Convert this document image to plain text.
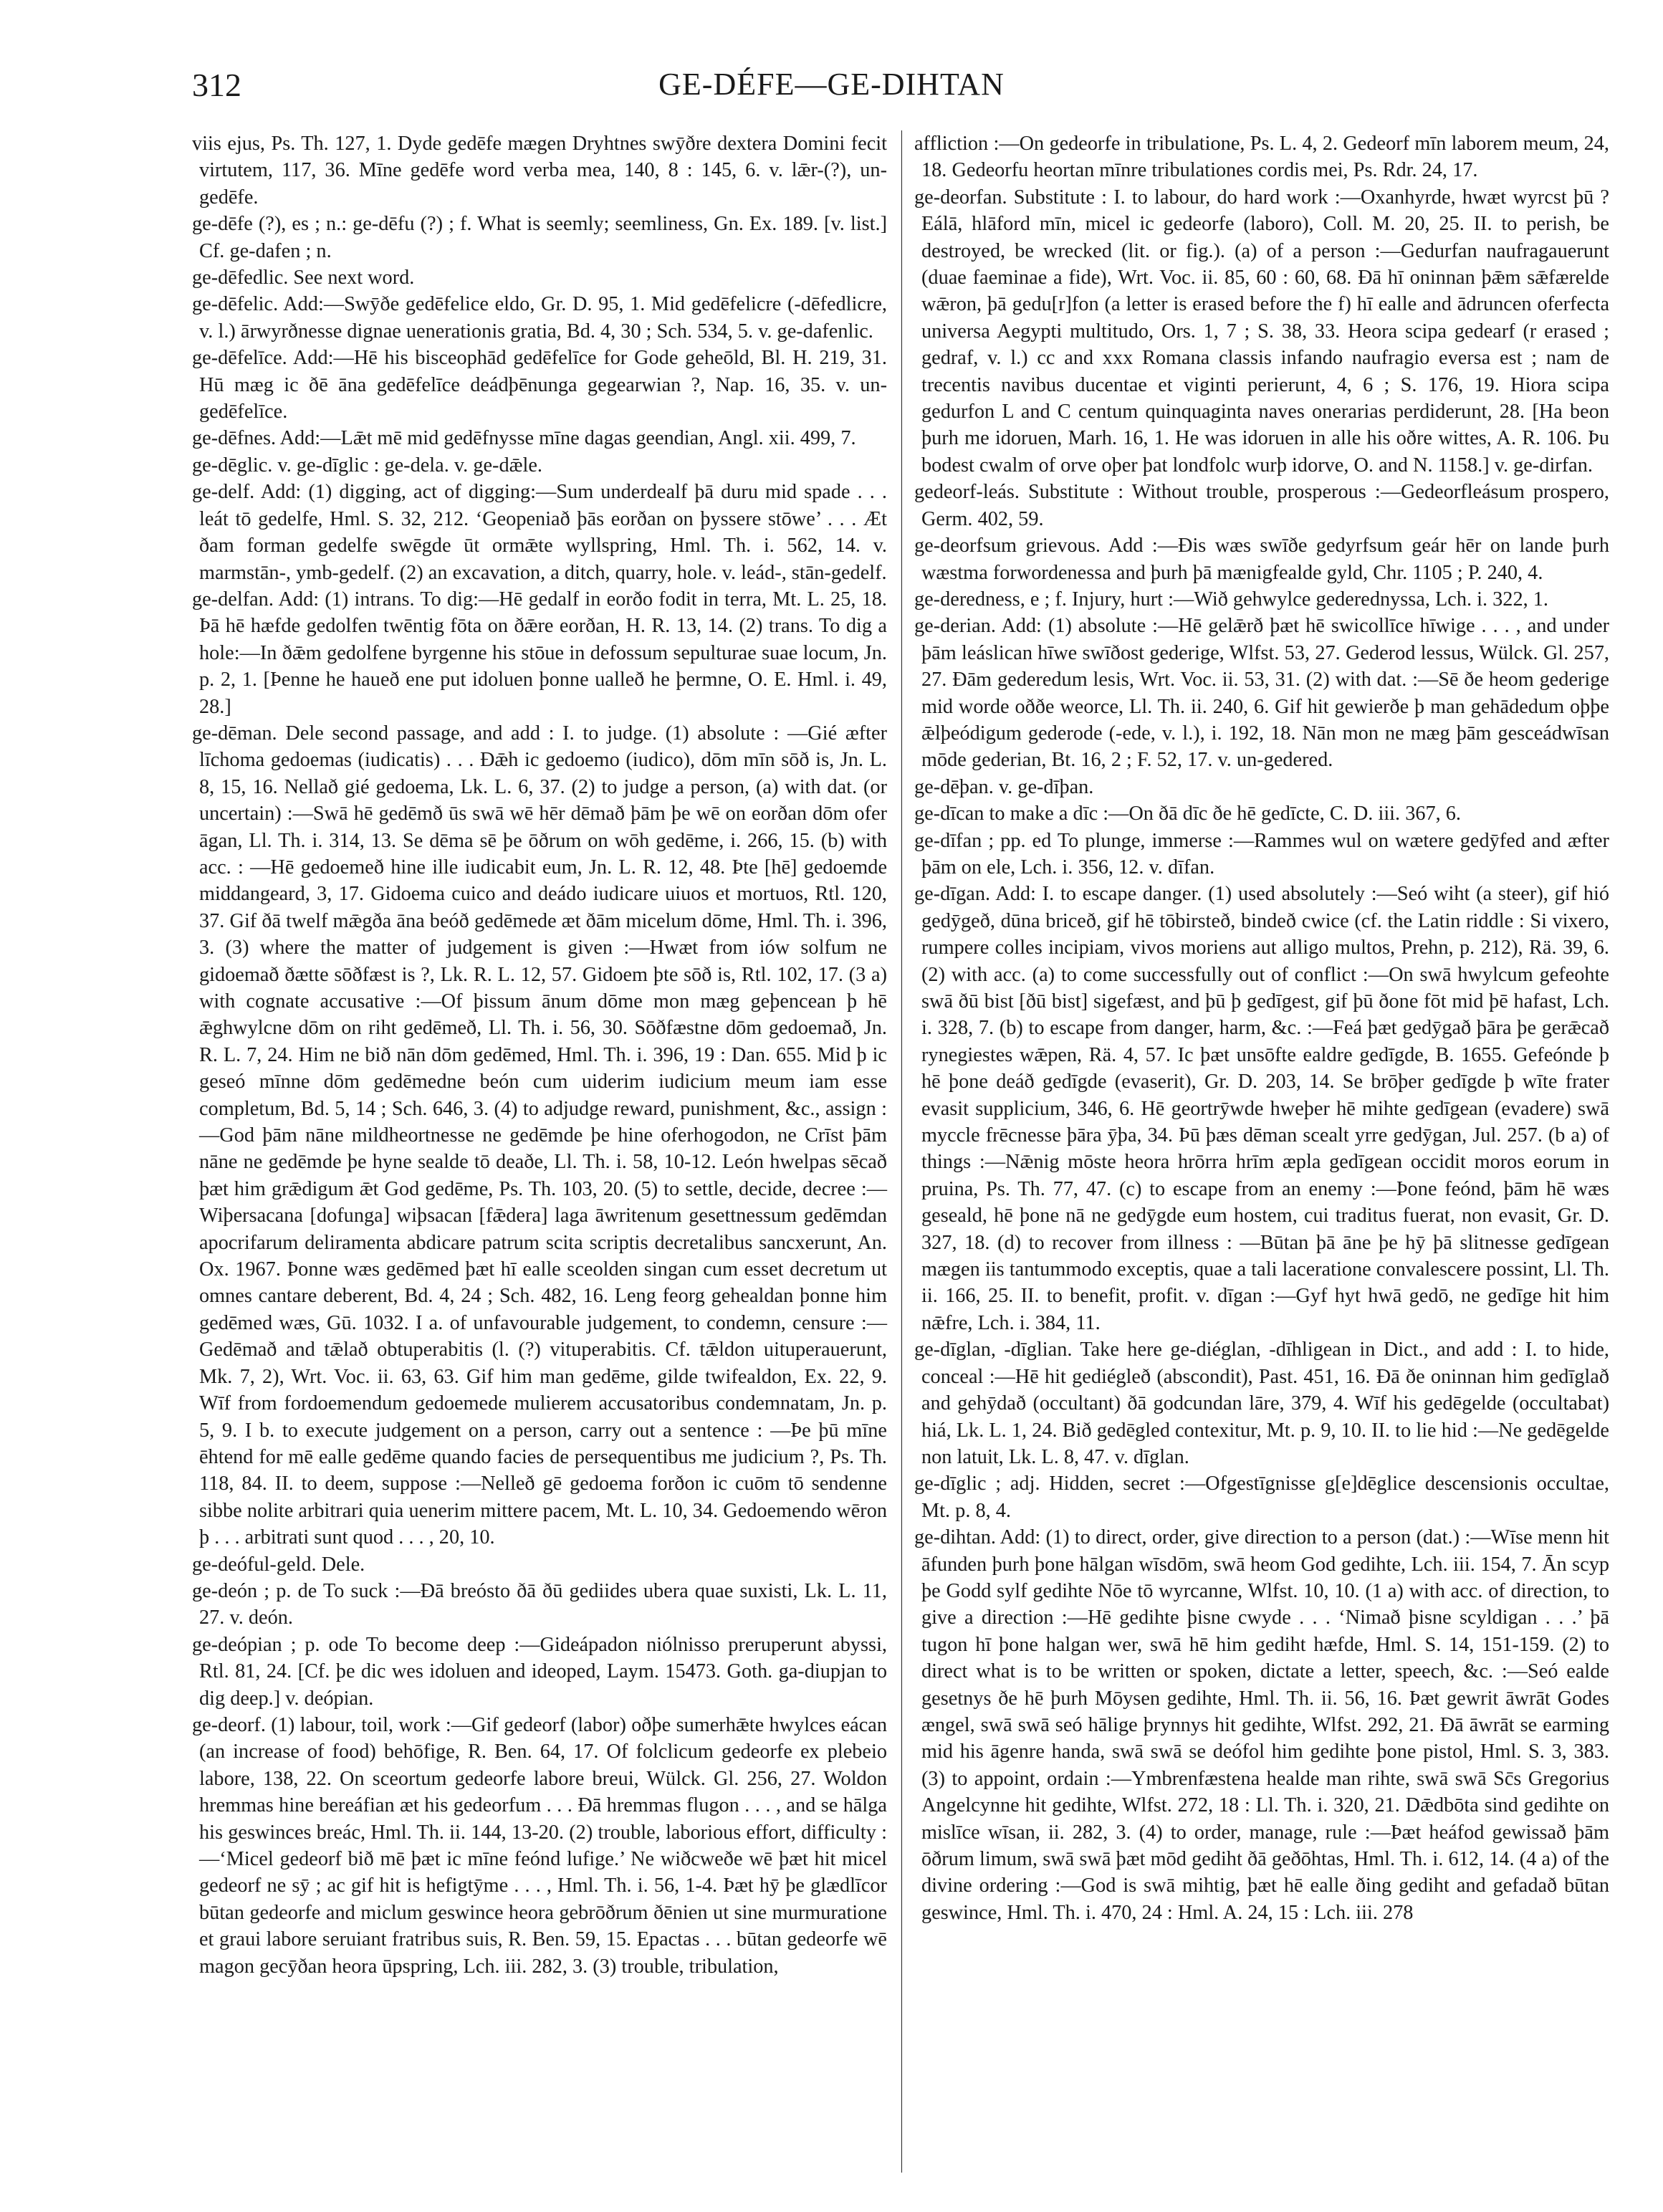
312	GE-DÉFE—GE-DIHTAN

viis ejus, Ps. Th. 127, 1. Dyde gedēfe mægen Dryhtnes swȳðre dextera Domini fecit virtutem, 117, 36. Mīne gedēfe word verba mea, 140, 8 : 145, 6. v. lǣr-(?), un-gedēfe.

ge-dēfe (?), es ; n.: ge-dēfu (?) ; f. What is seemly; seemliness, Gn. Ex. 189. [v. list.] Cf. ge-dafen ; n.

ge-dēfedlic. See next word.

ge-dēfelic. Add:—Swȳðe gedēfelice eldo, Gr. D. 95, 1. Mid gedēfelicre (-dēfedlicre, v. l.) ārwyrðnesse dignae uenerationis gratia, Bd. 4, 30 ; Sch. 534, 5. v. ge-dafenlic.

ge-dēfelīce. Add:—Hē his bisceophād gedēfelīce for Gode geheōld, Bl. H. 219, 31. Hū mæg ic ðē āna gedēfelīce deádþēnunga gegearwian ?, Nap. 16, 35. v. un-gedēfelīce.

ge-dēfnes. Add:—Lǣt mē mid gedēfnysse mīne dagas geendian, Angl. xii. 499, 7.

ge-dēglic. v. ge-dīglic : ge-dela. v. ge-dǣle.

ge-delf. Add: (1) digging, act of digging:—Sum underdealf þā duru mid spade . . . leát tō gedelfe, Hml. S. 32, 212. ‘Geopeniað þās eorðan on þyssere stōwe’ . . . Æt ðam forman gedelfe swēgde ūt ormǣte wyllspring, Hml. Th. i. 562, 14. v. marmstān-, ymb-gedelf. (2) an excavation, a ditch, quarry, hole. v. leád-, stān-gedelf.

ge-delfan. Add: (1) intrans. To dig:—Hē gedalf in eorðo fodit in terra, Mt. L. 25, 18. Þā hē hæfde gedolfen twēntig fōta on ðǣre eorðan, H. R. 13, 14. (2) trans. To dig a hole:—In ðǣm gedolfene byrgenne his stōue in defossum sepulturae suae locum, Jn. p. 2, 1. [Þenne he haueð ene put idoluen þonne ualleð he þermne, O. E. Hml. i. 49, 28.]

ge-dēman. Dele second passage, and add : I. to judge. (1) absolute : —Gié æfter līchoma gedoemas (iudicatis) . . . Ðǣh ic gedoemo (iudico), dōm mīn sōð is, Jn. L. 8, 15, 16. Nellað gié gedoema, Lk. L. 6, 37. (2) to judge a person, (a) with dat. (or uncertain) :—Swā hē gedēmð ūs swā wē hēr dēmað þām þe wē on eorðan dōm ofer āgan, Ll. Th. i. 314, 13. Se dēma sē þe ōðrum on wōh gedēme, i. 266, 15. (b) with acc. : —Hē gedoemeð hine ille iudicabit eum, Jn. L. R. 12, 48. Þte [hē] gedoemde middangeard, 3, 17. Gidoema cuico and deádo iudicare uiuos et mortuos, Rtl. 120, 37. Gif ðā twelf mǣgða āna beóð gedēmede æt ðām micelum dōme, Hml. Th. i. 396, 3. (3) where the matter of judgement is given :—Hwæt from iów solfum ne gidoemað ðætte sōðfæst is ?, Lk. R. L. 12, 57. Gidoem þte sōð is, Rtl. 102, 17. (3 a) with cognate accusative :—Of þissum ānum dōme mon mæg geþencean þ hē ǣghwylcne dōm on riht gedēmeð, Ll. Th. i. 56, 30. Sōðfæstne dōm gedoemað, Jn. R. L. 7, 24. Him ne bið nān dōm gedēmed, Hml. Th. i. 396, 19 : Dan. 655. Mid þ ic geseó mīnne dōm gedēmedne beón cum uiderim iudicium meum iam esse completum, Bd. 5, 14 ; Sch. 646, 3. (4) to adjudge reward, punishment, &c., assign :—God þām nāne mildheortnesse ne gedēmde þe hine oferhogodon, ne Crīst þām nāne ne gedēmde þe hyne sealde tō deaðe, Ll. Th. i. 58, 10-12. León hwelpas sēcað þæt him grǣdigum ǣt God gedēme, Ps. Th. 103, 20. (5) to settle, decide, decree :—Wiþersacana [dofunga] wiþsacan [fǣdera] laga āwritenum gesettnessum gedēmdan apocrifarum deliramenta abdicare patrum scita scriptis decretalibus sancxerunt, An. Ox. 1967. Þonne wæs gedēmed þæt hī ealle sceolden singan cum esset decretum ut omnes cantare deberent, Bd. 4, 24 ; Sch. 482, 16. Leng feorg gehealdan þonne him gedēmed wæs, Gū. 1032. I a. of unfavourable judgement, to condemn, censure :—Gedēmað and tǣlað obtuperabitis (l. (?) vituperabitis. Cf. tǣldon uituperauerunt, Mk. 7, 2), Wrt. Voc. ii. 63, 63. Gif him man gedēme, gilde twifealdon, Ex. 22, 9. Wīf from fordoemendum gedoemede mulierem accusatoribus condemnatam, Jn. p. 5, 9. I b. to execute judgement on a person, carry out a sentence : —Þe þū mīne ēhtend for mē ealle gedēme quando facies de persequentibus me judicium ?, Ps. Th. 118, 84. II. to deem, suppose :—Nelleð gē gedoema forðon ic cuōm tō sendenne sibbe nolite arbitrari quia uenerim mittere pacem, Mt. L. 10, 34. Gedoemendo wēron þ . . . arbitrati sunt quod . . . , 20, 10.

ge-deóful-geld. Dele.

ge-deón ; p. de To suck :—Ðā breósto ðā ðū gediides ubera quae suxisti, Lk. L. 11, 27. v. deón.

ge-deópian ; p. ode To become deep :—Gideápadon niólnisso preruperunt abyssi, Rtl. 81, 24. [Cf. þe dic wes idoluen and ideoped, Laym. 15473. Goth. ga-diupjan to dig deep.] v. deópian.

ge-deorf. (1) labour, toil, work :—Gif gedeorf (labor) oðþe sumerhǣte hwylces eácan (an increase of food) behōfige, R. Ben. 64, 17. Of folclicum gedeorfe ex plebeio labore, 138, 22. On sceortum gedeorfe labore breui, Wülck. Gl. 256, 27. Woldon hremmas hine bereáfian æt his gedeorfum . . . Ðā hremmas flugon . . . , and se hālga his geswinces breác, Hml. Th. ii. 144, 13-20. (2) trouble, laborious effort, difficulty : —‘Micel gedeorf bið mē þæt ic mīne feónd lufige.’ Ne wiðcweðe wē þæt hit micel gedeorf ne sȳ ; ac gif hit is hefigtȳme . . . , Hml. Th. i. 56, 1-4. Þæt hȳ þe glædlīcor būtan gedeorfe and miclum geswince heora gebrōðrum ðēnien ut sine murmuratione et graui labore seruiant fratribus suis, R. Ben. 59, 15. Epactas . . . būtan gedeorfe wē magon gecȳðan heora ūpspring, Lch. iii. 282, 3. (3) trouble, tribulation,

affliction :—On gedeorfe in tribulatione, Ps. L. 4, 2. Gedeorf mīn laborem meum, 24, 18. Gedeorfu heortan mīnre tribulationes cordis mei, Ps. Rdr. 24, 17.

ge-deorfan. Substitute : I. to labour, do hard work :—Oxanhyrde, hwæt wyrcst þū ? Eálā, hlāford mīn, micel ic gedeorfe (laboro), Coll. M. 20, 25. II. to perish, be destroyed, be wrecked (lit. or fig.). (a) of a person :—Gedurfan naufragauerunt (duae faeminae a fide), Wrt. Voc. ii. 85, 60 : 60, 68. Ðā hī oninnan þǣm sǣfærelde wǣron, þā gedu[r]fon (a letter is erased before the f) hī ealle and ādruncen oferfecta universa Aegypti multitudo, Ors. 1, 7 ; S. 38, 33. Heora scipa gedearf (r erased ; gedraf, v. l.) cc and xxx Romana classis infando naufragio eversa est ; nam de trecentis navibus ducentae et viginti perierunt, 4, 6 ; S. 176, 19. Hiora scipa gedurfon L and C centum quinquaginta naves onerarias perdiderunt, 28. [Ha beon þurh me idoruen, Marh. 16, 1. He was idoruen in alle his oðre wittes, A. R. 106. Þu bodest cwalm of orve oþer þat londfolc wurþ idorve, O. and N. 1158.] v. ge-dirfan.

gedeorf-leás. Substitute : Without trouble, prosperous :—Gedeorfleásum prospero, Germ. 402, 59.

ge-deorfsum grievous. Add :—Ðis wæs swīðe gedyrfsum geár hēr on lande þurh wæstma forwordenessa and þurh þā mænigfealde gyld, Chr. 1105 ; P. 240, 4.

ge-deredness, e ; f. Injury, hurt :—Wið gehwylce gederednyssa, Lch. i. 322, 1.

ge-derian. Add: (1) absolute :—Hē gelǣrð þæt hē swicollīce hīwige . . . , and under þām leáslican hīwe swīðost gederige, Wlfst. 53, 27. Gederod lessus, Wülck. Gl. 257, 27. Ðām gederedum lesis, Wrt. Voc. ii. 53, 31. (2) with dat. :—Sē ðe heom gederige mid worde oððe weorce, Ll. Th. ii. 240, 6. Gif hit gewierðe þ man gehādedum oþþe ǣlþeódigum gederode (-ede, v. l.), i. 192, 18. Nān mon ne mæg þām gesceádwīsan mōde gederian, Bt. 16, 2 ; F. 52, 17. v. un-gedered.

ge-dēþan. v. ge-dīþan.

ge-dīcan to make a dīc :—On ðā dīc ðe hē gedīcte, C. D. iii. 367, 6.

ge-dīfan ; pp. ed To plunge, immerse :—Rammes wul on wætere gedȳfed and æfter þām on ele, Lch. i. 356, 12. v. dīfan.

ge-dīgan. Add: I. to escape danger. (1) used absolutely :—Seó wiht (a steer), gif hió gedȳgeð, dūna briceð, gif hē tōbirsteð, bindeð cwice (cf. the Latin riddle : Si vixero, rumpere colles incipiam, vivos moriens aut alligo multos, Prehn, p. 212), Rä. 39, 6. (2) with acc. (a) to come successfully out of conflict :—On swā hwylcum gefeohte swā ðū bist [ðū bist] sigefæst, and þū þ gedīgest, gif þū ðone fōt mid þē hafast, Lch. i. 328, 7. (b) to escape from danger, harm, &c. :—Feá þæt gedȳgað þāra þe gerǣcað rynegiestes wǣpen, Rä. 4, 57. Ic þæt unsōfte ealdre gedīgde, B. 1655. Gefeónde þ hē þone deáð gedīgde (evaserit), Gr. D. 203, 14. Se brōþer gedīgde þ wīte frater evasit supplicium, 346, 6. Hē geortrȳwde hweþer hē mihte gedīgean (evadere) swā myccle frēcnesse þāra ȳþa, 34. Þū þæs dēman scealt yrre gedȳgan, Jul. 257. (b a) of things :—Nǣnig mōste heora hrōrra hrīm æpla gedīgean occidit moros eorum in pruina, Ps. Th. 77, 47. (c) to escape from an enemy :—Þone feónd, þām hē wæs geseald, hē þone nā ne gedȳgde eum hostem, cui traditus fuerat, non evasit, Gr. D. 327, 18. (d) to recover from illness : —Būtan þā āne þe hȳ þā slitnesse gedīgean mægen iis tantummodo exceptis, quae a tali laceratione convalescere possint, Ll. Th. ii. 166, 25. II. to benefit, profit. v. dīgan :—Gyf hyt hwā gedō, ne gedīge hit him nǣfre, Lch. i. 384, 11.

ge-dīglan, -dīglian. Take here ge-diéglan, -dīhligean in Dict., and add : I. to hide, conceal :—Hē hit gediégleð (abscondit), Past. 451, 16. Ðā ðe oninnan him gedīglað and gehȳdað (occultant) ðā godcundan lāre, 379, 4. Wīf his gedēgelde (occultabat) hiá, Lk. L. 1, 24. Bið gedēgled contexitur, Mt. p. 9, 10. II. to lie hid :—Ne gedēgelde non latuit, Lk. L. 8, 47. v. dīglan.

ge-dīglic ; adj. Hidden, secret :—Ofgestīgnisse g[e]dēglice descensionis occultae, Mt. p. 8, 4.

ge-dihtan. Add: (1) to direct, order, give direction to a person (dat.) :—Wīse menn hit āfunden þurh þone hālgan wīsdōm, swā heom God gedihte, Lch. iii. 154, 7. Ān scyp þe Godd sylf gedihte Nōe tō wyrcanne, Wlfst. 10, 10. (1 a) with acc. of direction, to give a direction :—Hē gedihte þisne cwyde . . . ‘Nimað þisne scyldigan . . .’ þā tugon hī þone halgan wer, swā hē him gediht hæfde, Hml. S. 14, 151-159. (2) to direct what is to be written or spoken, dictate a letter, speech, &c. :—Seó ealde gesetnys ðe hē þurh Mōysen gedihte, Hml. Th. ii. 56, 16. Þæt gewrit āwrāt Godes ængel, swā swā seó hālige þrynnys hit gedihte, Wlfst. 292, 21. Ðā āwrāt se earming mid his āgenre handa, swā swā se deófol him gedihte þone pistol, Hml. S. 3, 383. (3) to appoint, ordain :—Ymbrenfæstena healde man rihte, swā swā Sc̄s Gregorius Angelcynne hit gedihte, Wlfst. 272, 18 : Ll. Th. i. 320, 21. Dǣdbōta sind gedihte on mislīce wīsan, ii. 282, 3. (4) to order, manage, rule :—Þæt heáfod gewissað þām ōðrum limum, swā swā þæt mōd gediht ðā geðōhtas, Hml. Th. i. 612, 14. (4 a) of the divine ordering :—God is swā mihtig, þæt hē ealle ðing gediht and gefadað būtan geswince, Hml. Th. i. 470, 24 : Hml. A. 24, 15 : Lch. iii. 278
